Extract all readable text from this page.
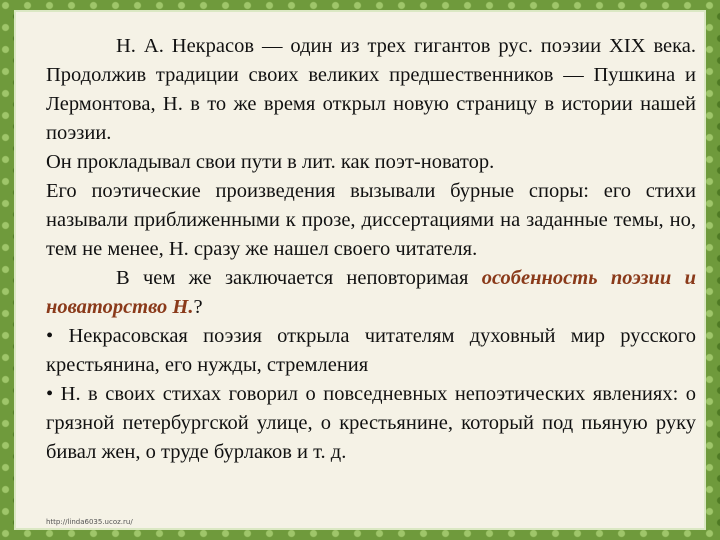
Н. А. Некрасов — один из трех гигантов рус. поэзии XIX века. Продолжив традиции своих великих предшественников — Пушкина и Лермонтова, Н. в то же время открыл новую страницу в истории нашей поэзии.

Он прокладывал свои пути в лит. как поэт-новатор.

Его поэтические произведения вызывали бурные споры: его стихи называли приближенными к прозе, диссертациями на заданные темы, но, тем не менее, Н. сразу же нашел своего читателя.

В чем же заключается неповторимая особенность поэзии и новаторство Н.?

• Некрасовская поэзия открыла читателям духовный мир русского крестьянина, его нужды, стремления

• Н. в своих стихах говорил о повседневных непоэтических явлениях: о грязной петербургской улице, о крестьянине, который под пьяную руку бивал жен, о труде бурлаков и т. д.

http://linda6035.ucoz.ru/
